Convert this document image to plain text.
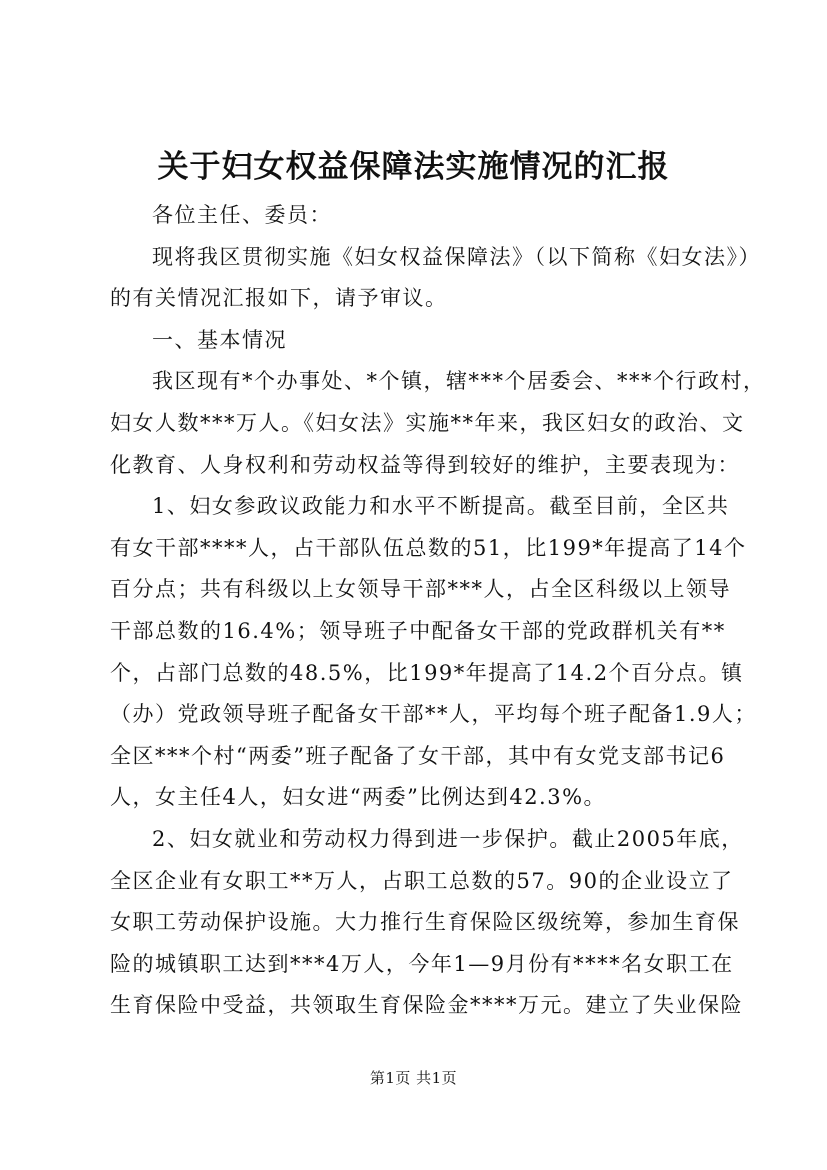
关于妇女权益保障法实施情况的汇报
各位主任、委员：
现将我区贯彻实施《妇女权益保障法》（以下简称《妇女法》）
的有关情况汇报如下，请予审议。
一、基本情况
我区现有*个办事处、*个镇，辖***个居委会、***个行政村，
妇女人数***万人。《妇女法》实施**年来，我区妇女的政治、文
化教育、人身权利和劳动权益等得到较好的维护，主要表现为：
1、妇女参政议政能力和水平不断提高。截至目前，全区共
有女干部****人，占干部队伍总数的51，比199*年提高了14个
百分点；共有科级以上女领导干部***人，占全区科级以上领导
干部总数的16.4%；领导班子中配备女干部的党政群机关有**
个，占部门总数的48.5%，比199*年提高了14.2个百分点。镇
（办）党政领导班子配备女干部**人，平均每个班子配备1.9人；
全区***个村“两委”班子配备了女干部，其中有女党支部书记6
人，女主任4人，妇女进“两委”比例达到42.3%。
2、妇女就业和劳动权力得到进一步保护。截止2005年底，
全区企业有女职工**万人，占职工总数的57。90的企业设立了
女职工劳动保护设施。大力推行生育保险区级统筹，参加生育保
险的城镇职工达到***4万人，今年1—9月份有****名女职工在
生育保险中受益，共领取生育保险金****万元。建立了失业保险
第1页 共1页
